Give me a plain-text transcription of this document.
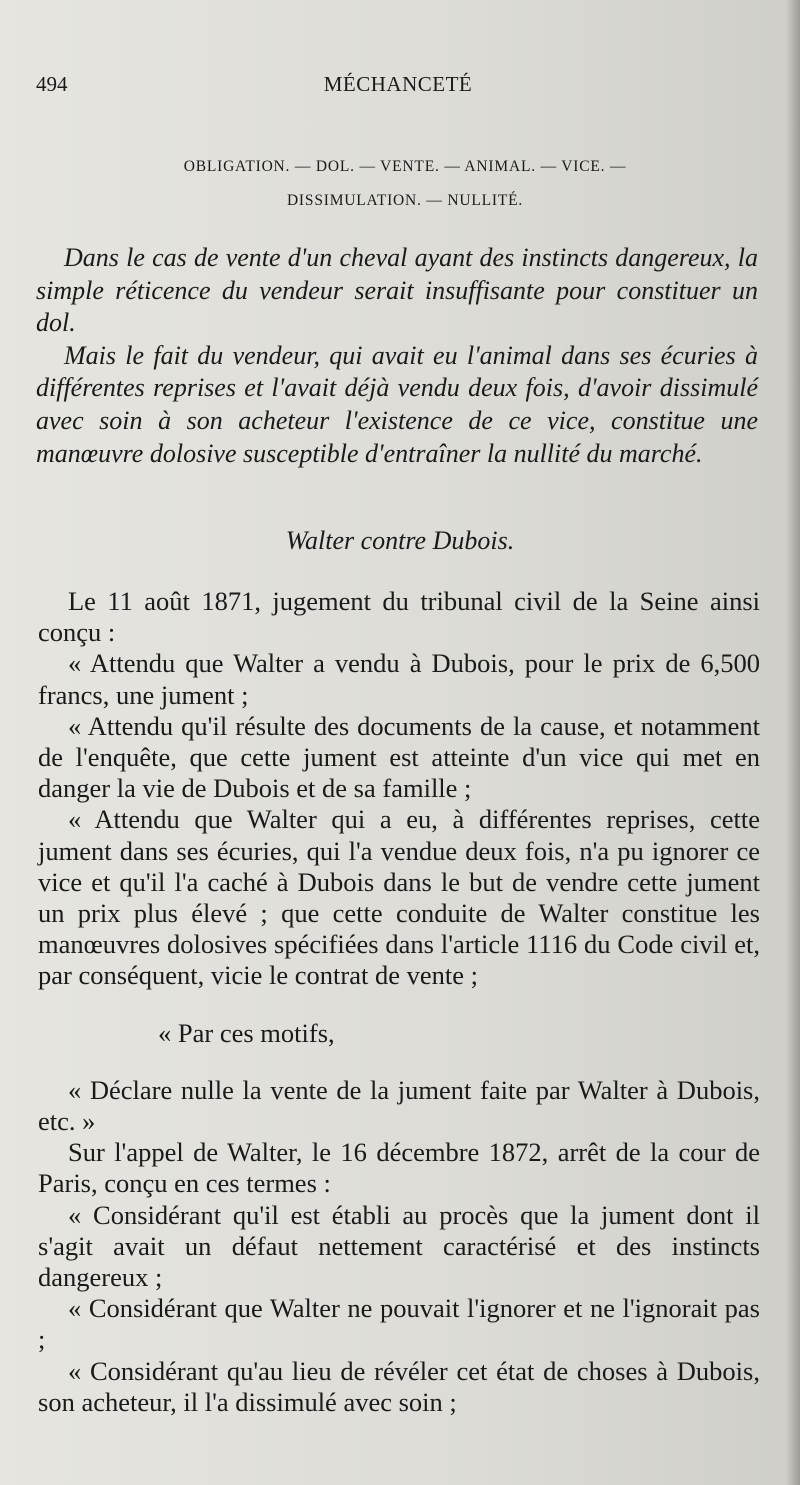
494	MÉCHANCETÉ
OBLIGATION. — DOL. — VENTE. — ANIMAL. — VICE. —
DISSIMULATION. — NULLITÉ.

Dans le cas de vente d'un cheval ayant des instincts dangereux, la simple réticence du vendeur serait insuffisante pour constituer un dol.

Mais le fait du vendeur, qui avait eu l'animal dans ses écuries à différentes reprises et l'avait déjà vendu deux fois, d'avoir dissimulé avec soin à son acheteur l'existence de ce vice, constitue une manœuvre dolosive susceptible d'entraîner la nullité du marché.

Walter contre Dubois.

Le 11 août 1871, jugement du tribunal civil de la Seine ainsi conçu :

« Attendu que Walter a vendu à Dubois, pour le prix de 6,500 francs, une jument ;

« Attendu qu'il résulte des documents de la cause, et notamment de l'enquête, que cette jument est atteinte d'un vice qui met en danger la vie de Dubois et de sa famille ;

« Attendu que Walter qui a eu, à différentes reprises, cette jument dans ses écuries, qui l'a vendue deux fois, n'a pu ignorer ce vice et qu'il l'a caché à Dubois dans le but de vendre cette jument un prix plus élevé ; que cette conduite de Walter constitue les manœuvres dolosives spécifiées dans l'article 1116 du Code civil et, par conséquent, vicie le contrat de vente ;

« Par ces motifs,

« Déclare nulle la vente de la jument faite par Walter à Dubois, etc. »

Sur l'appel de Walter, le 16 décembre 1872, arrêt de la cour de Paris, conçu en ces termes :

« Considérant qu'il est établi au procès que la jument dont il s'agit avait un défaut nettement caractérisé et des instincts dangereux ;

« Considérant que Walter ne pouvait l'ignorer et ne l'ignorait pas ;

« Considérant qu'au lieu de révéler cet état de choses à Dubois, son acheteur, il l'a dissimulé avec soin ;
